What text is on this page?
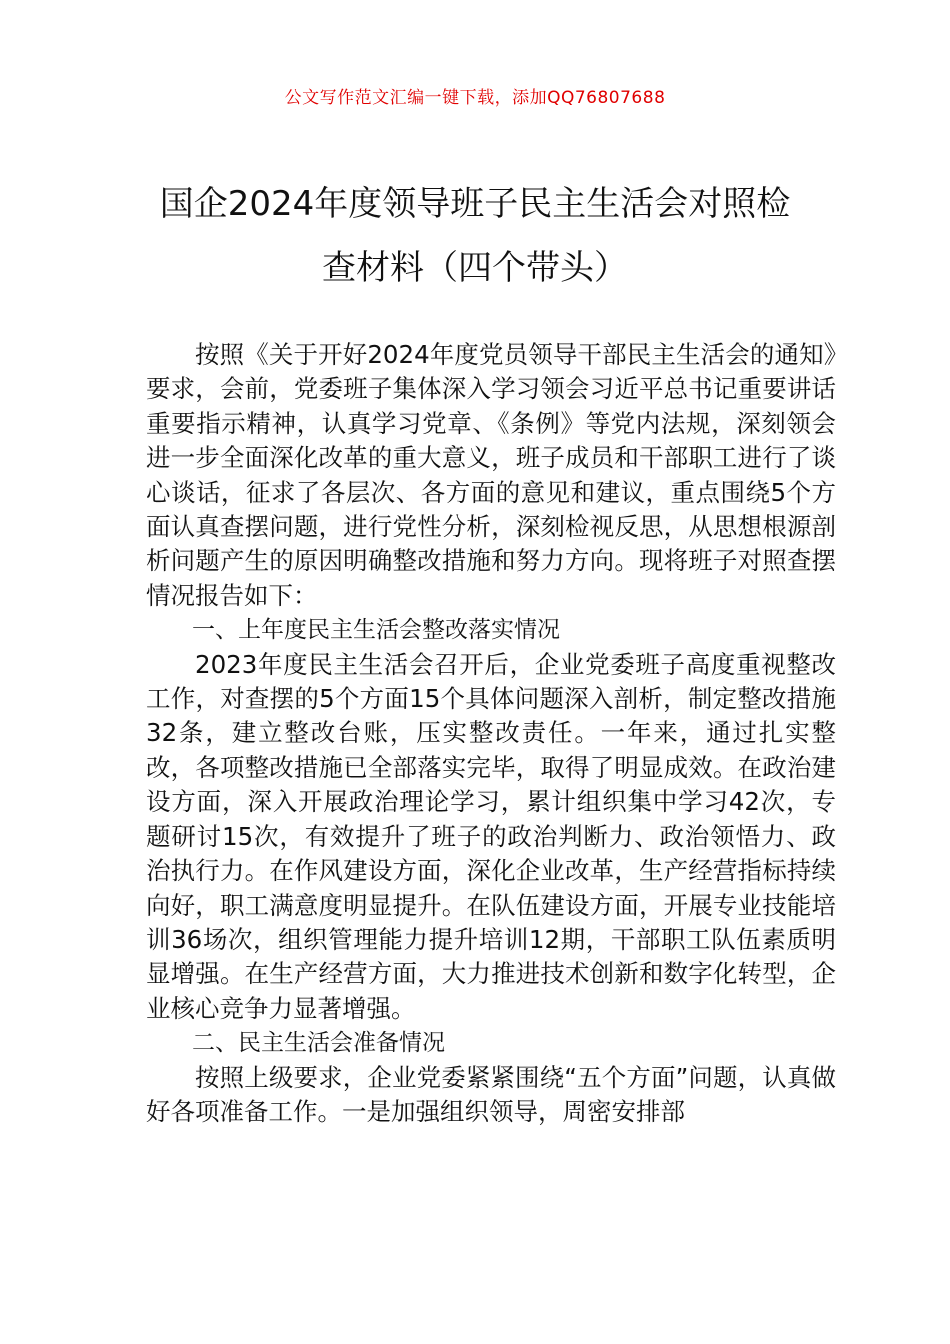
公文写作范文汇编一键下载，添加QQ76807688
国企2024年度领导班子民主生活会对照检
查材料（四个带头）

按照《关于开好2024年度党员领导干部民主生活会的通知》要求，会前，党委班子集体深入学习领会习近平总书记重要讲话重要指示精神，认真学习党章、《条例》等党内法规，深刻领会进一步全面深化改革的重大意义，班子成员和干部职工进行了谈心谈话，征求了各层次、各方面的意见和建议，重点围绕5个方面认真查摆问题，进行党性分析，深刻检视反思，从思想根源剖析问题产生的原因明确整改措施和努力方向。现将班子对照查摆情况报告如下：

一、上年度民主生活会整改落实情况

2023年度民主生活会召开后，企业党委班子高度重视整改工作，对查摆的5个方面15个具体问题深入剖析，制定整改措施32条，建立整改台账，压实整改责任。一年来，通过扎实整改，各项整改措施已全部落实完毕，取得了明显成效。在政治建设方面，深入开展政治理论学习，累计组织集中学习42次，专题研讨15次，有效提升了班子的政治判断力、政治领悟力、政治执行力。在作风建设方面，深化企业改革，生产经营指标持续向好，职工满意度明显提升。在队伍建设方面，开展专业技能培训36场次，组织管理能力提升培训12期，干部职工队伍素质明显增强。在生产经营方面，大力推进技术创新和数字化转型，企业核心竞争力显著增强。

二、民主生活会准备情况

按照上级要求，企业党委紧紧围绕“五个方面”问题，认真做好各项准备工作。一是加强组织领导，周密安排部
